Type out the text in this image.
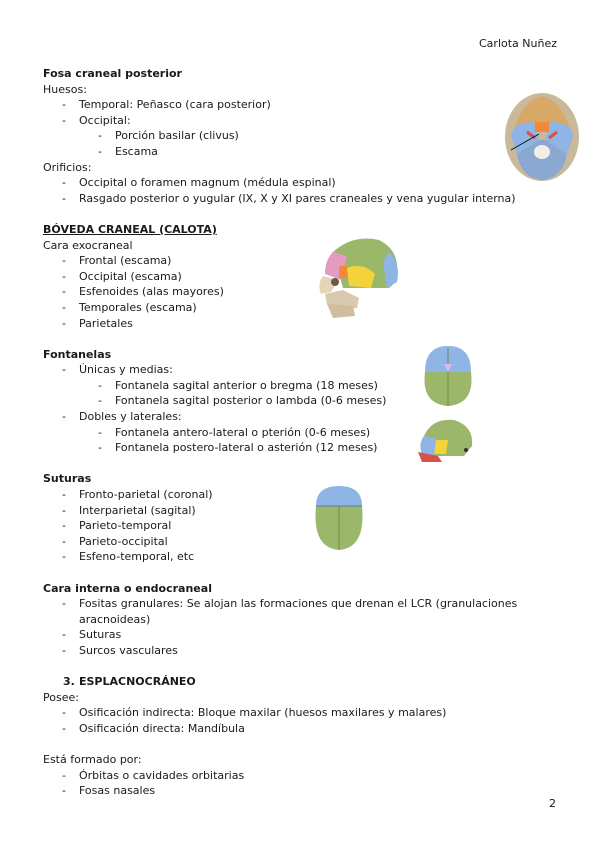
Carlota Nuñez
Fosa craneal posterior
Huesos:
- Temporal: Peñasco (cara posterior)
- Occipital:
- Porción basilar (clivus)
- Escama
Orificios:
- Occipital o foramen magnum (médula espinal)
- Rasgado posterior o yugular (IX, X y XI pares craneales y vena yugular interna)
BÓVEDA CRANEAL (CALOTA)
Cara exocraneal
- Frontal (escama)
- Occipital (escama)
- Esfenoides (alas mayores)
- Temporales (escama)
- Parietales
Fontanelas
- Únicas y medias:
- Fontanela sagital anterior o bregma (18 meses)
- Fontanela sagital posterior o lambda (0-6 meses)
- Dobles y laterales:
- Fontanela antero-lateral o pterión (0-6 meses)
- Fontanela postero-lateral o asterión (12 meses)
Suturas
- Fronto-parietal (coronal)
- Interparietal (sagital)
- Parieto-temporal
- Parieto-occipital
- Esfeno-temporal, etc
Cara interna o endocraneal
- Fositas granulares: Se alojan las formaciones que drenan el LCR (granulaciones aracnoideas)
- Suturas
- Surcos vasculares
3. ESPLACNOCRÁNEO
Posee:
- Osificación indirecta: Bloque maxilar (huesos maxilares y malares)
- Osificación directa: Mandíbula
Está formado por:
- Órbitas o cavidades orbitarias
- Fosas nasales
2
